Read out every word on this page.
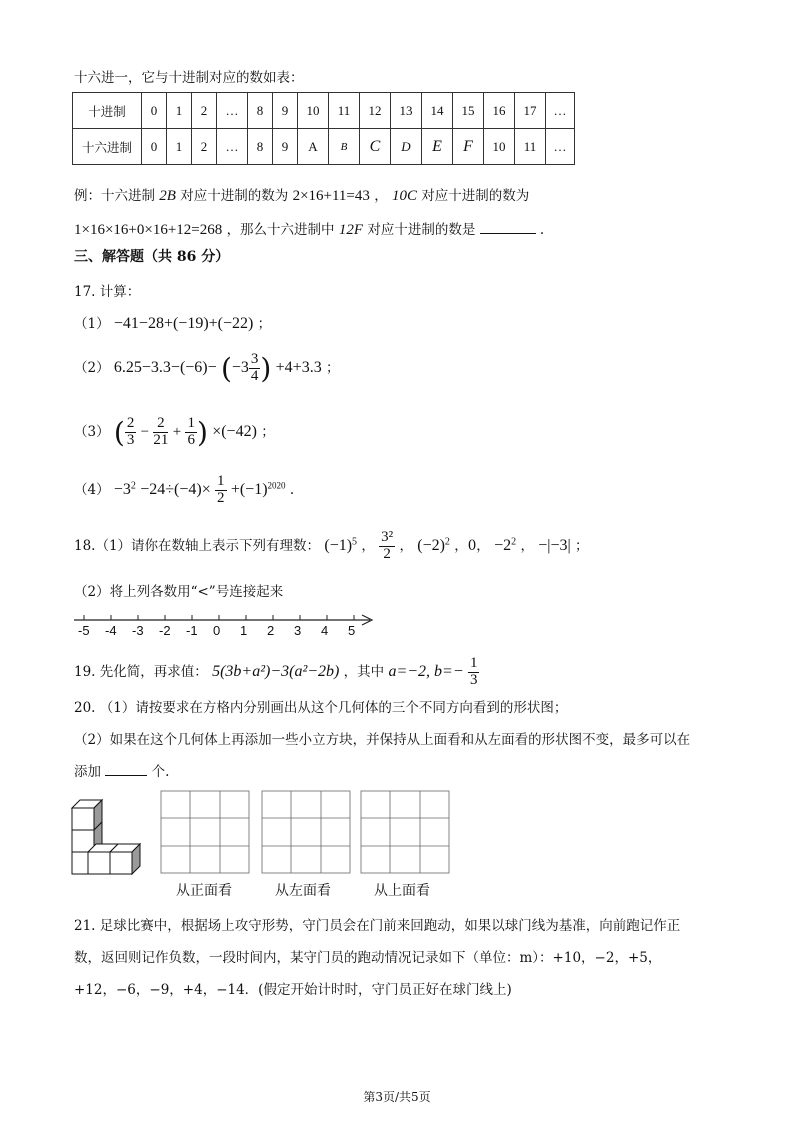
十六进一，它与十进制对应的数如表：
十进制	0	1	2	…	8	9	10	11	12	13	14	15	16	17	…
十六进制	0	1	2	…	8	9	A	B	C	D	E	F	10	11	…
例：十六进制 2B 对应十进制的数为 2×16+11=43 ， 10C 对应十进制的数为
1×16×16+0×16+12=268 ，那么十六进制中 12F 对应十进制的数是	.
三、解答题（共 86 分）
17. 计算：
（1） −41−28+(−19)+(−22) ；
（2） $6.25-3.3-(-6)- (-3 \frac{3}{4}$ ) +4+3.3 ；
（3） ( $\frac{2}{3} - \frac{2}{21} + \frac{1}{6}$ ) ×(−42) ；
$(4) -3^2 -24\div(-4)\times \frac{1}{2} +(-1)^{2020}$ .
18.（1）请你在数轴上表示下列有理数： $(-1)^5$ ， $\frac{\text{3²}}{2}$ ， $(-2)^2$ ，0， $-2^2$ ， −|−3| ；
（2）将上列各数用“<”号连接起来
-5 -4 -3 -2 -1 0 1 2 3 4 5
19. 先化简，再求值： 5(3b+a²)−3(a²−2b) ，其中 a=−2, $b=- \frac{1}{3}$
20. （1）请按要求在方格内分别画出从这个几何体的三个不同方向看到的形状图；
（2）如果在这个几何体上再添加一些小立方块，并保持从上面看和从左面看的形状图不变，最多可以在
添加	个.
从正面看	从左面看	从上面看
21. 足球比赛中，根据场上攻守形势，守门员会在门前来回跑动，如果以球门线为基准，向前跑记作正
数，返回则记作负数，一段时间内，某守门员的跑动情况记录如下（单位：m）：+10，−2，+5，
+12，−6，−9，+4，−14．(假定开始计时时，守门员正好在球门线上)
第3页/共5页
